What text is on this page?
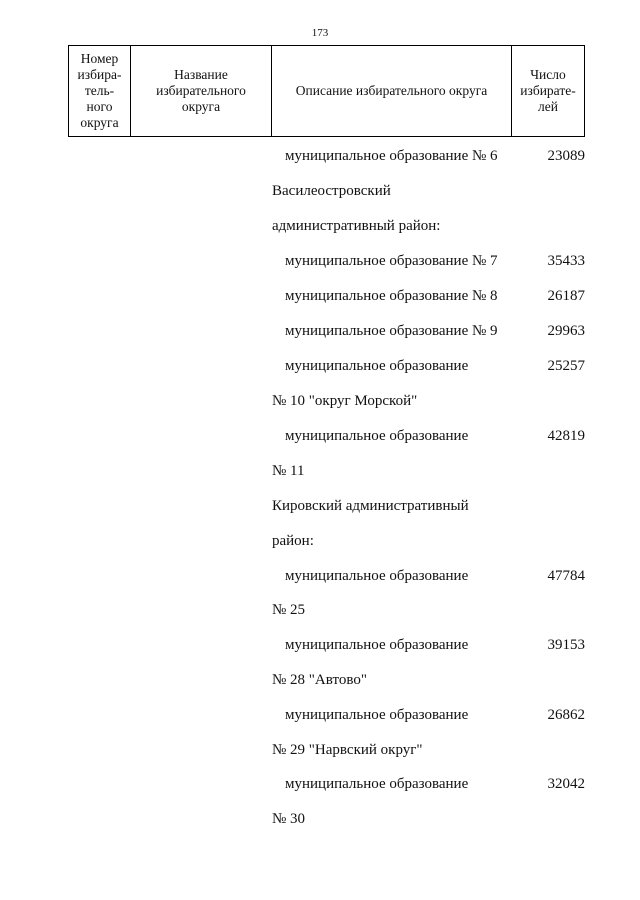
173
Номер
избира-
тель-
ного
округа

Название
избирательного
округа

Описание избирательного округа

Число
избирате-
лей
муниципальное образование № 6	23089
Василеостровский
административный район:
муниципальное образование № 7	35433
муниципальное образование № 8	26187
муниципальное образование № 9	29963
муниципальное образование	25257
№ 10 "округ Морской"
муниципальное образование	42819
№ 11
Кировский административный
район:
муниципальное образование	47784
№ 25
муниципальное образование	39153
№ 28 "Автово"
муниципальное образование	26862
№ 29 "Нарвский округ"
муниципальное образование	32042
№ 30
